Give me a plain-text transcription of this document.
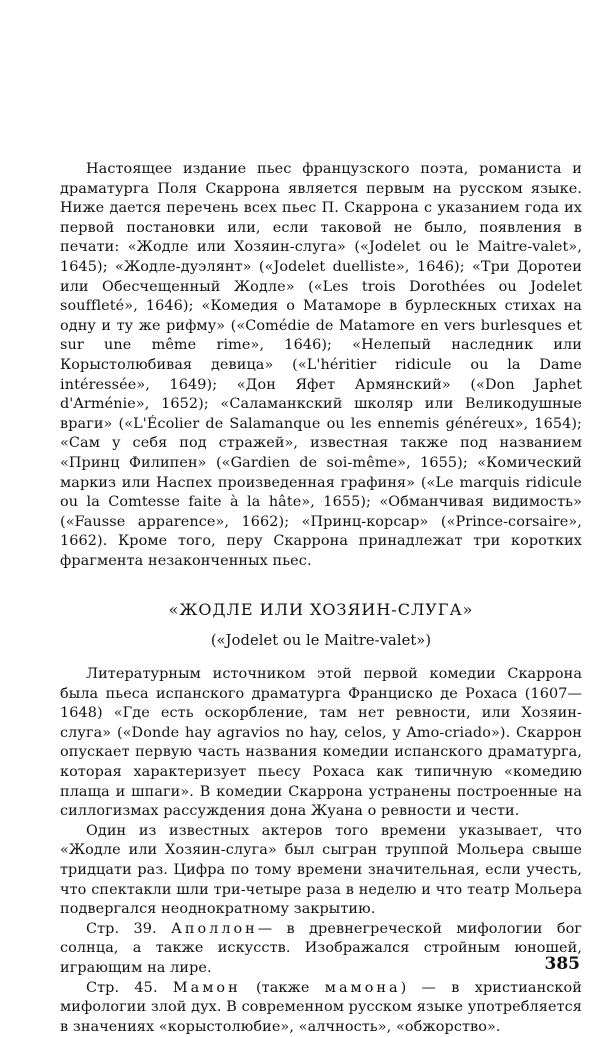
Настоящее издание пьес французского поэта, романиста и драматурга Поля Скаррона является первым на русском языке. Ниже дается перечень всех пьес П. Скаррона с указанием года их первой постановки или, если таковой не было, появления в печати: «Жодле или Хозяин-слуга» («Jodelet ou le Maitre-valet», 1645); «Жодле-дуэлянт» («Jodelet duelliste», 1646); «Три Доротеи или Обесчещенный Жодле» («Les trois Dorothées ou Jodelet souffleté», 1646); «Комедия о Матаморе в бурлескных стихах на одну и ту же рифму» («Comédie de Matamore en vers burlesques et sur une même rime», 1646); «Нелепый наследник или Корыстолюбивая девица» («L'héritier ridicule ou la Dame intéressée», 1649); «Дон Яфет Армянский» («Don Japhet d'Arménie», 1652); «Саламанкский школяр или Великодушные враги» («L'Écolier de Salamanque ou les ennemis généreux», 1654); «Сам у себя под стражей», известная также под названием «Принц Филипен» («Gardien de soi-même», 1655); «Комический маркиз или Наспех произведенная графиня» («Le marquis ridicule ou la Comtesse faite à la hâte», 1655); «Обманчивая видимость» («Fausse apparence», 1662); «Принц-корсар» («Prince-corsaire», 1662). Кроме того, перу Скаррона принадлежат три коротких фрагмента незаконченных пьес.

«ЖОДЛЕ ИЛИ ХОЗЯИН-СЛУГА»

(«Jodelet ou le Maitre-valet»)

Литературным источником этой первой комедии Скаррона была пьеса испанского драматурга Франциско де Рохаса (1607—1648) «Где есть оскорбление, там нет ревности, или Хозяин-слуга» («Donde hay agravios no hay, celos, y Amo-criado»). Скаррон опускает первую часть названия комедии испанского драматурга, которая характеризует пьесу Рохаса как типичную «комедию плаща и шпаги». В комедии Скаррона устранены построенные на силлогизмах рассуждения дона Жуана о ревности и чести.

Один из известных актеров того времени указывает, что «Жодле или Хозяин-слуга» был сыгран труппой Мольера свыше тридцати раз. Цифра по тому времени значительная, если учесть, что спектакли шли три-четыре раза в неделю и что театр Мольера подвергался неоднократному закрытию.

Стр. 39. Аполлон— в древнегреческой мифологии бог солнца, а также искусств. Изображался стройным юношей, играющим на лире.

Стр. 45. Мамон (также мамона) — в христианской мифологии злой дух. В современном русском языке употребляется в значениях «корыстолюбие», «алчность», «обжорство».

385
